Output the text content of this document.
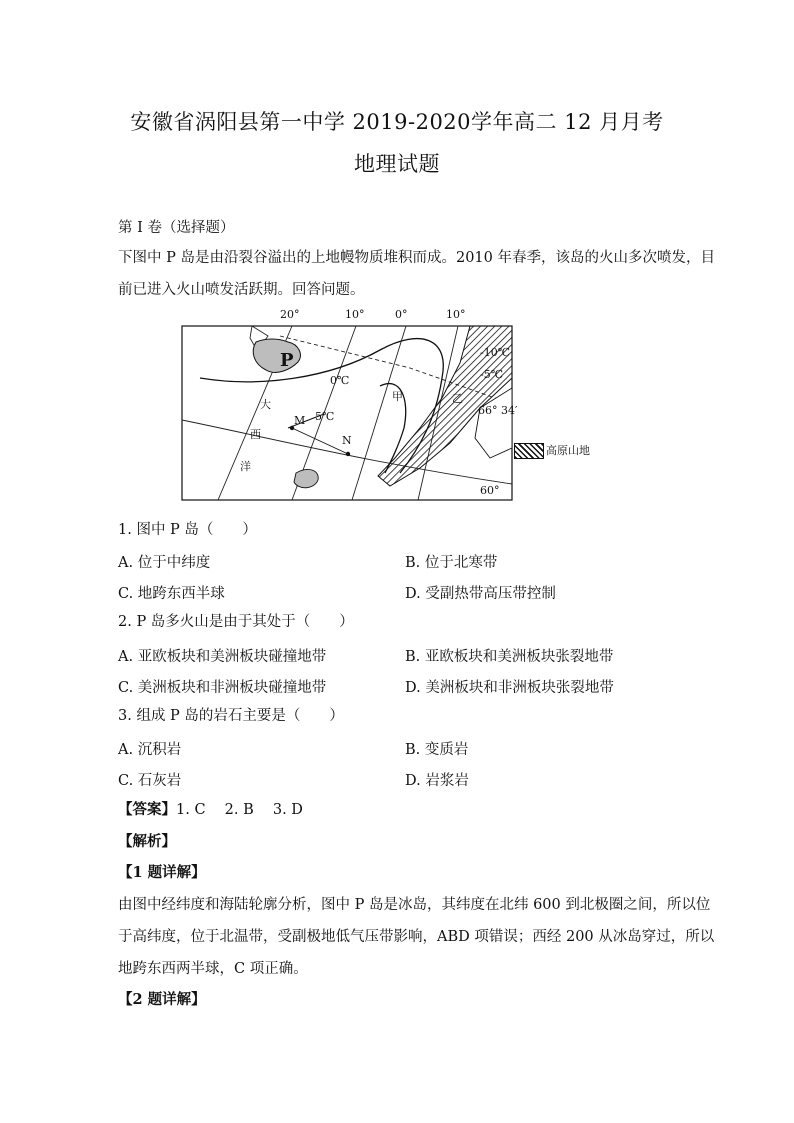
安徽省涡阳县第一中学 2019-2020学年高二 12 月月考
地理试题
第 I 卷（选择题）
下图中 P 岛是由沿裂谷溢出的上地幔物质堆积而成。2010 年春季，该岛的火山多次喷发，目
前已进入火山喷发活跃期。回答问题。
20°	10°	0°	10°
P
0℃
5℃
-10℃
-5℃
66° 34′
60°
M
N
甲	乙
大
西
洋
高原山地
1. 图中 P 岛（　　）
A. 位于中纬度	B. 位于北寒带
C. 地跨东西半球	D. 受副热带高压带控制
2. P 岛多火山是由于其处于（　　）
A. 亚欧板块和美洲板块碰撞地带	B. 亚欧板块和美洲板块张裂地带
C. 美洲板块和非洲板块碰撞地带	D. 美洲板块和非洲板块张裂地带
3. 组成 P 岛的岩石主要是（　　）
A. 沉积岩	B. 变质岩
C. 石灰岩	D. 岩浆岩
【答案】1. C　 2. B　 3. D
【解析】
【1 题详解】
由图中经纬度和海陆轮廓分析，图中 P 岛是冰岛，其纬度在北纬 600 到北极圈之间，所以位
于高纬度，位于北温带，受副极地低气压带影响，ABD 项错误；西经 200 从冰岛穿过，所以
地跨东西两半球，C 项正确。
【2 题详解】
